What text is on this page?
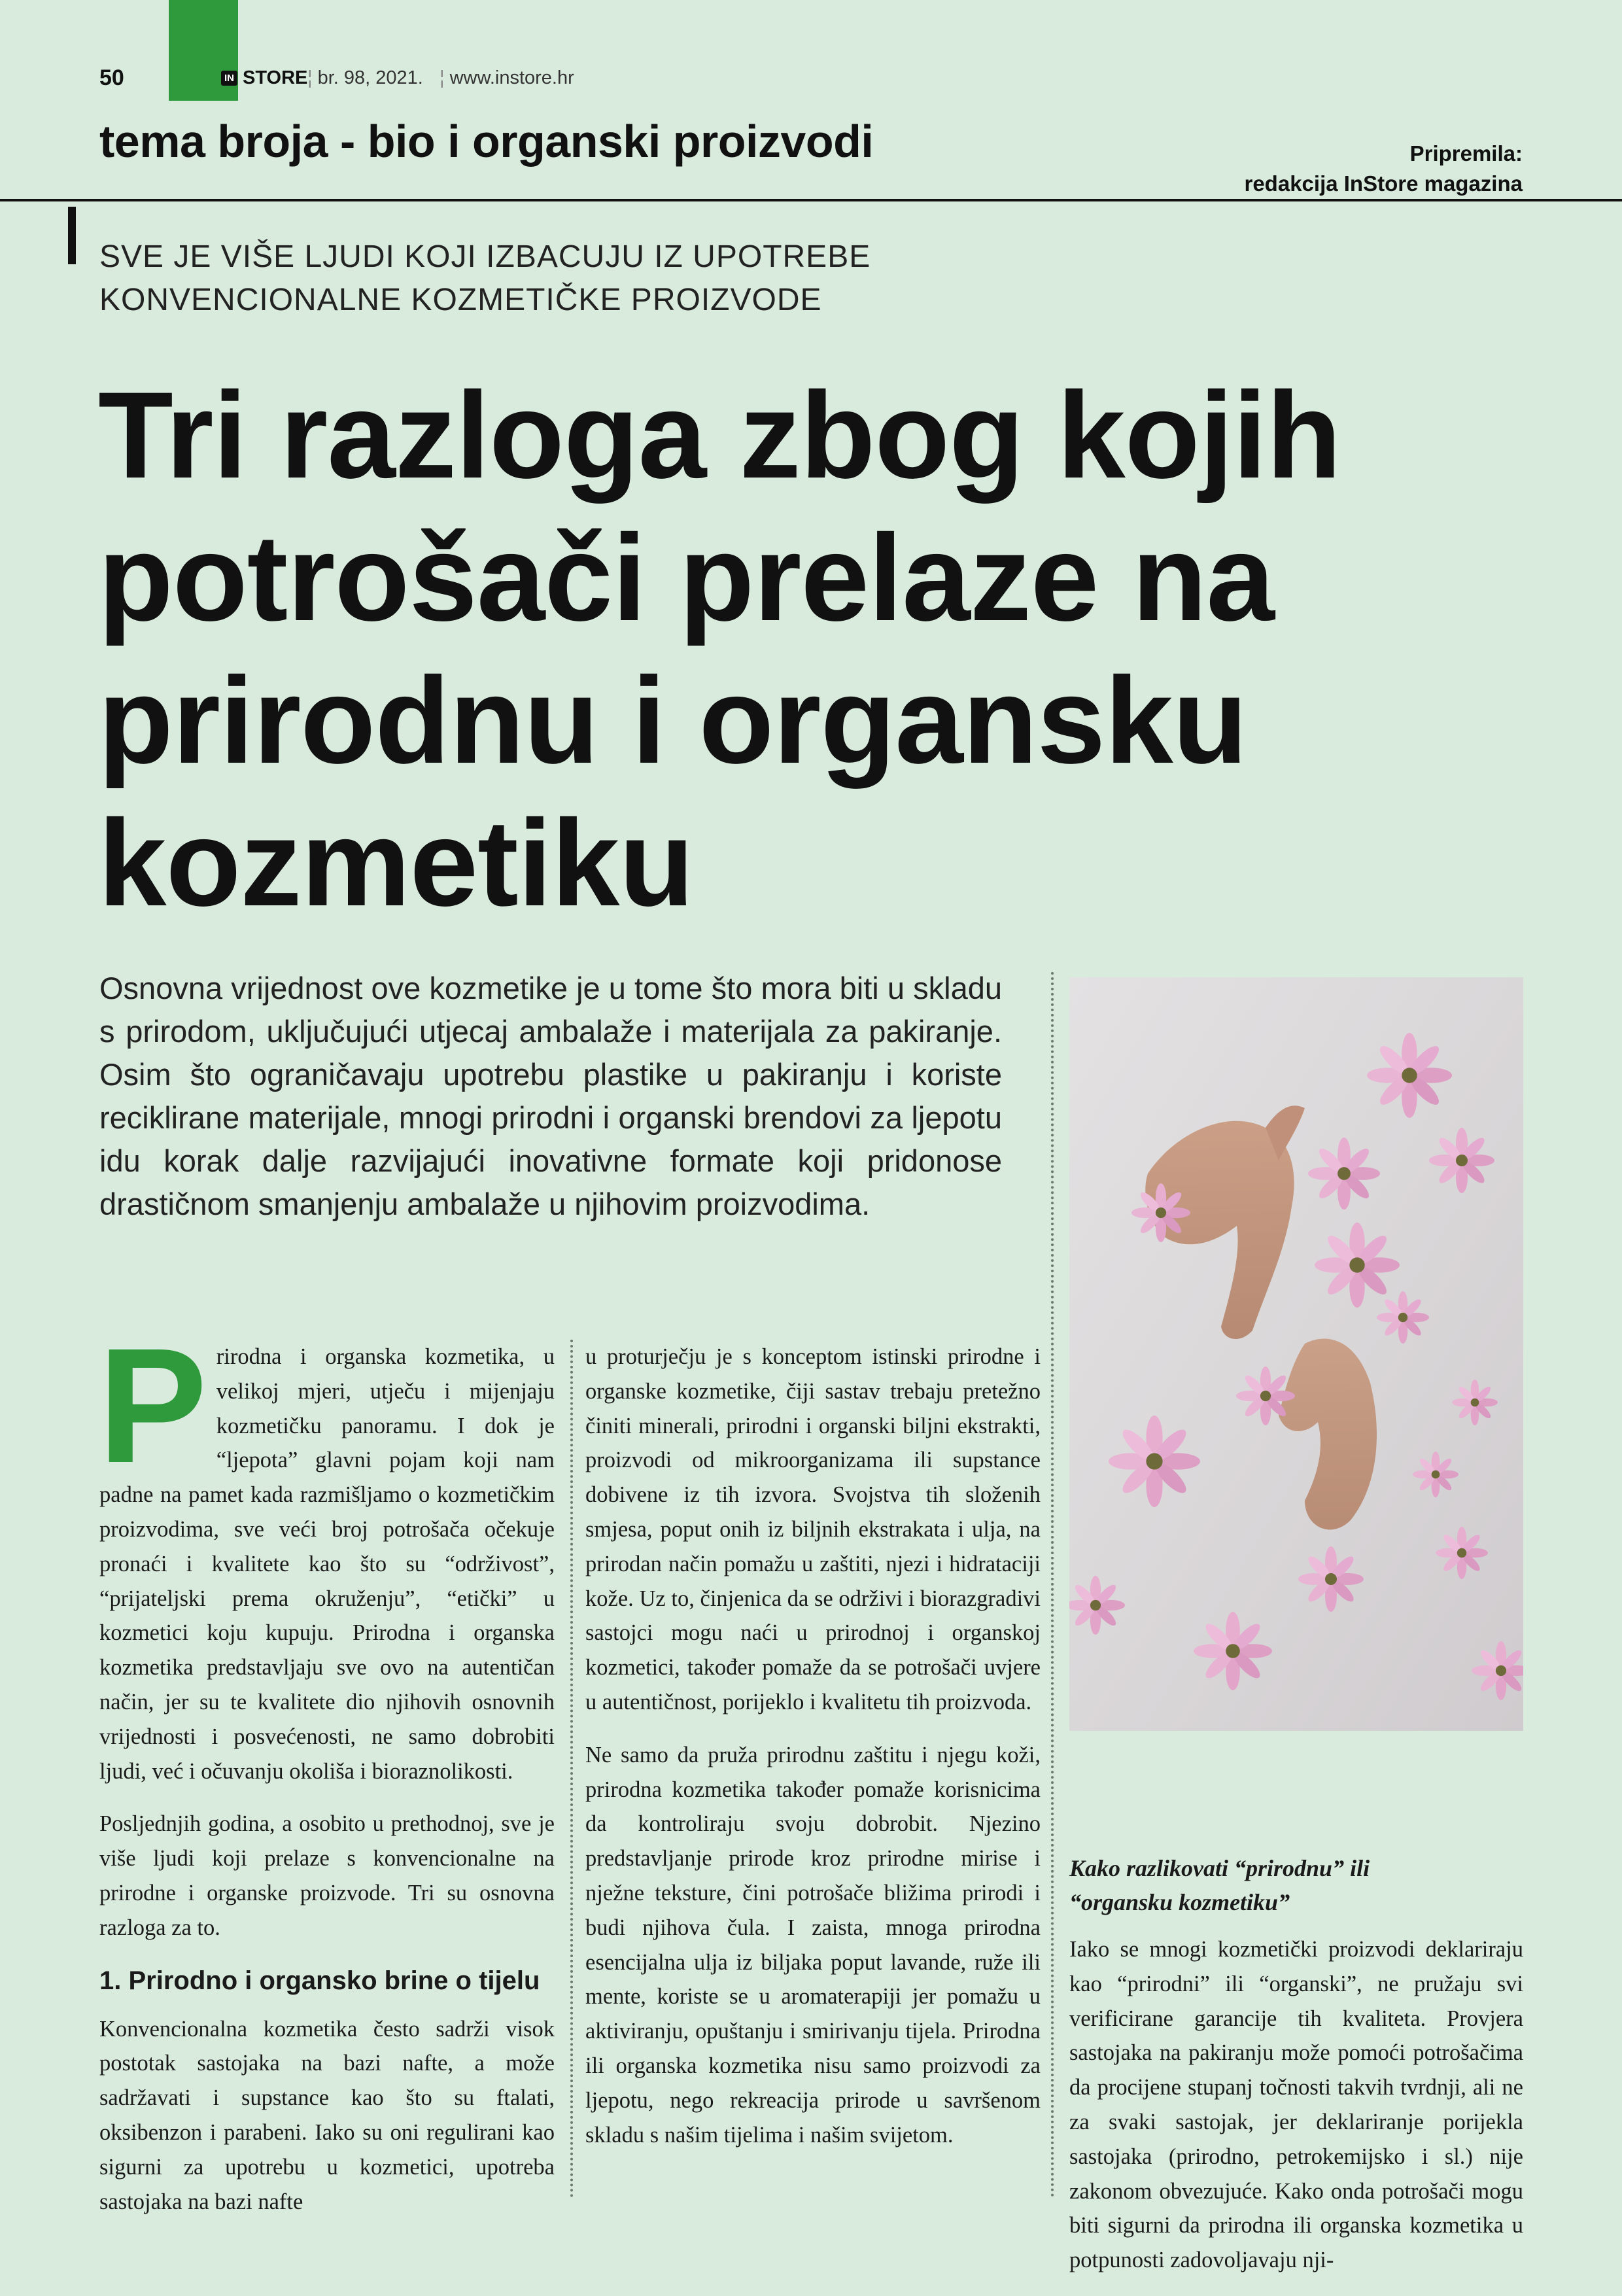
50	IN STORE ¦ br. 98, 2021. ¦ www.instore.hr
tema broja - bio i organski proizvodi	Pripremila:
redakcija InStore magazina
SVE JE VIŠE LJUDI KOJI IZBACUJU IZ UPOTREBE
KONVENCIONALNE KOZMETIČKE PROIZVODE
Tri razloga zbog kojih
potrošači prelaze na
prirodnu i organsku
kozmetiku
Osnovna vrijednost ove kozmetike je u tome što mora biti u skladu s prirodom, uključujući utjecaj ambalaže i materijala za pakiranje. Osim što ograničavaju upotrebu plastike u pakiranju i koriste reciklirane materijale, mnogi prirodni i organski brendovi za ljepotu idu korak dalje razvijajući inovativne formate koji pridonose drastičnom smanjenju ambalaže u njihovim proizvodima.

Prirodna i organska kozmetika, u velikoj mjeri, utječu i mijenjaju kozmetičku panoramu. I dok je “ljepota” glavni pojam koji nam padne na pamet kada razmišljamo o kozmetičkim proizvodima, sve veći broj potrošača očekuje pronaći i kvalitete kao što su “održivost”, “prijateljski prema okruženju”, “etički” u kozmetici koju kupuju. Prirodna i organska kozmetika predstavljaju sve ovo na autentičan način, jer su te kvalitete dio njihovih osnovnih vrijednosti i posvećenosti, ne samo dobrobiti ljudi, već i očuvanju okoliša i bioraznolikosti.

Posljednjih godina, a osobito u prethodnoj, sve je više ljudi koji prelaze s konvencionalne na prirodne i organske proizvode. Tri su osnovna razloga za to.

1. Prirodno i organsko brine o tijelu

Konvencionalna kozmetika često sadrži visok postotak sastojaka na bazi nafte, a može sadržavati i supstance kao što su ftalati, oksibenzon i parabeni. Iako su oni regulirani kao sigurni za upotrebu u kozmetici, upotreba sastojaka na bazi nafte

u proturječju je s konceptom istinski prirodne i organske kozmetike, čiji sastav trebaju pretežno činiti minerali, prirodni i organski biljni ekstrakti, proizvodi od mikroorganizama ili supstance dobivene iz tih izvora. Svojstva tih složenih smjesa, poput onih iz biljnih ekstrakata i ulja, na prirodan način pomažu u zaštiti, njezi i hidrataciji kože. Uz to, činjenica da se održivi i biorazgradivi sastojci mogu naći u prirodnoj i organskoj kozmetici, također pomaže da se potrošači uvjere u autentičnost, porijeklo i kvalitetu tih proizvoda.

Ne samo da pruža prirodnu zaštitu i njegu koži, prirodna kozmetika također pomaže korisnicima da kontroliraju svoju dobrobit. Njezino predstavljanje prirode kroz prirodne mirise i nježne teksture, čini potrošače bližima prirodi i budi njihova čula. I zaista, mnoga prirodna esencijalna ulja iz biljaka poput lavande, ruže ili mente, koriste se u aromaterapiji jer pomažu u aktiviranju, opuštanju i smirivanju tijela. Prirodna ili organska kozmetika nisu samo proizvodi za ljepotu, nego rekreacija prirode u savršenom skladu s našim tijelima i našim svijetom.

Kako razlikovati “prirodnu” ili
“organsku kozmetiku”

Iako se mnogi kozmetički proizvodi deklariraju kao “prirodni” ili “organski”, ne pružaju svi verificirane garancije tih kvaliteta. Provjera sastojaka na pakiranju može pomoći potrošačima da procijene stupanj točnosti takvih tvrdnji, ali ne za svaki sastojak, jer deklariranje porijekla sastojaka (prirodno, petrokemijsko i sl.) nije zakonom obvezujuće. Kako onda potrošači mogu biti sigurni da prirodna ili organska kozmetika u potpunosti zadovoljavaju nji-
